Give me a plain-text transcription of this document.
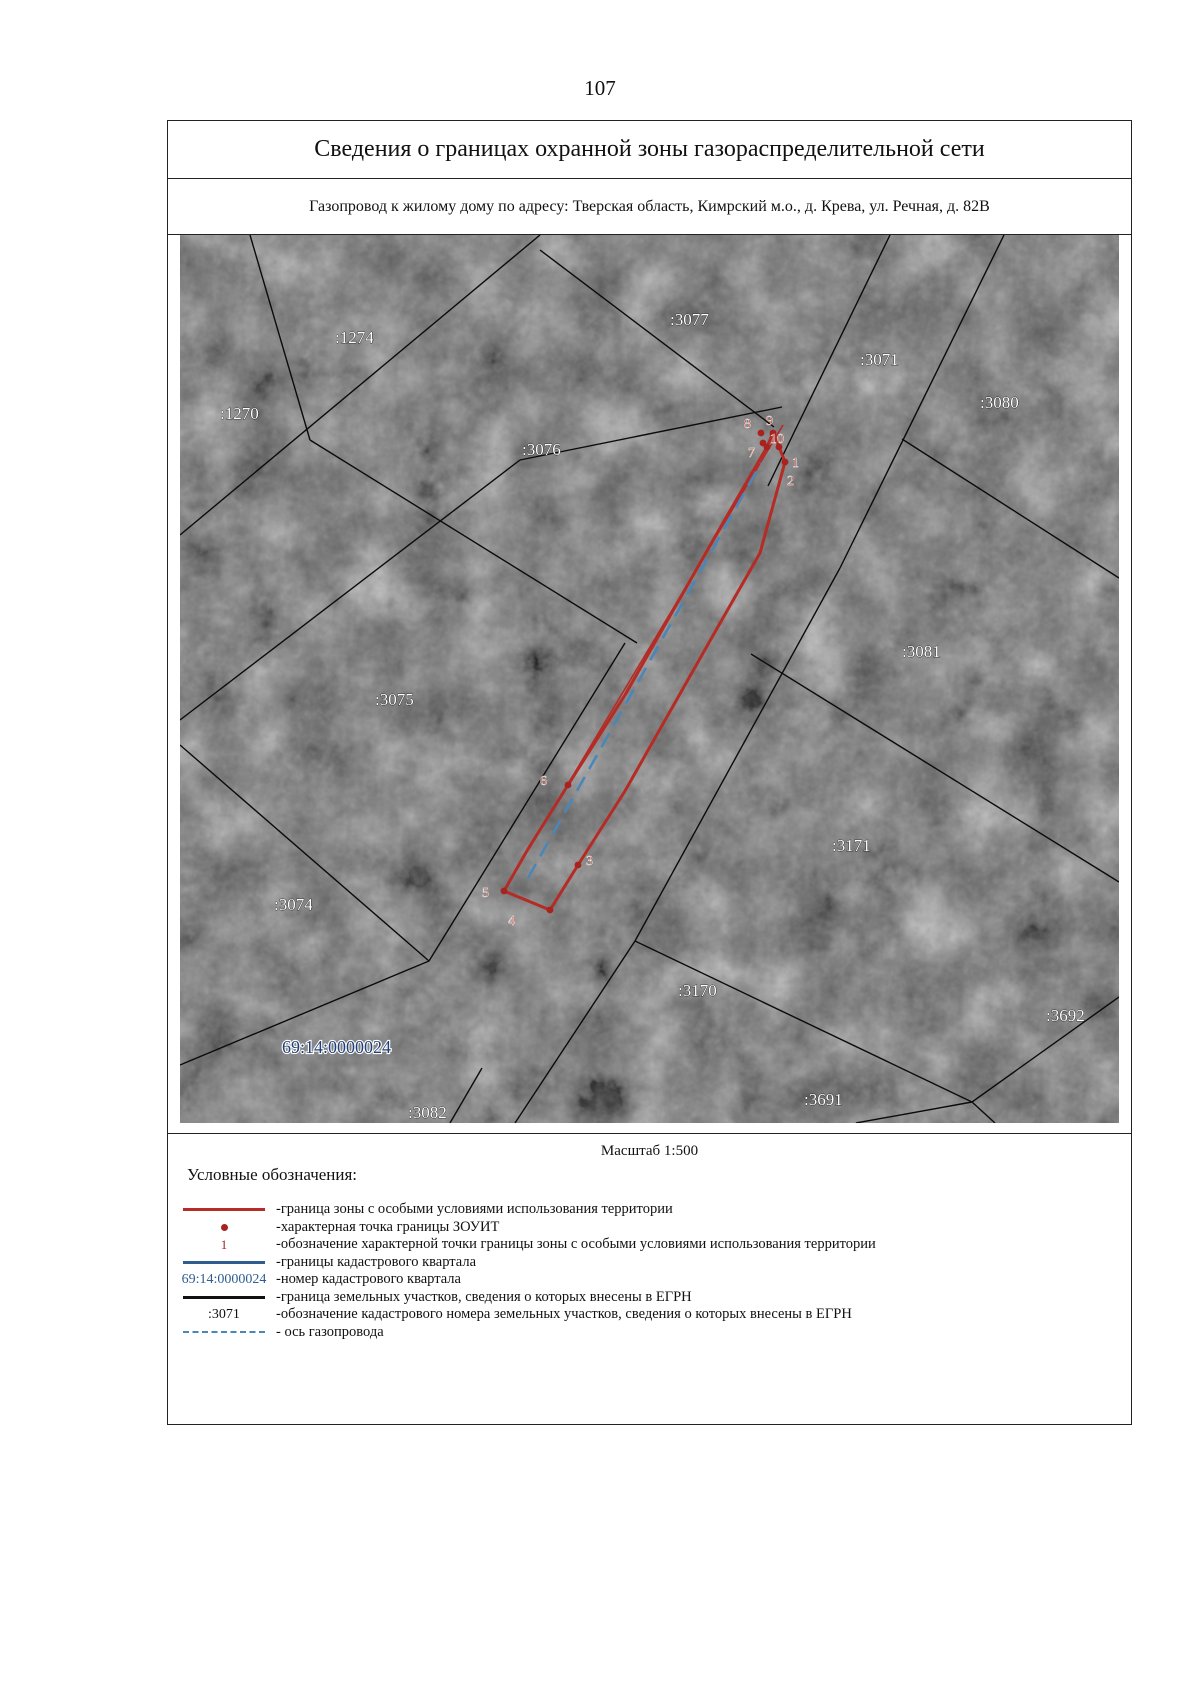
107
Сведения о границах охранной зоны газораспределительной сети
Газопровод к жилому дому по адресу: Тверская область, Кимрский м.о., д. Крева, ул. Речная, д. 82В
1
2
3
4
5
6
7
8 9
10
:1274
:1270
:3077
:3071
:3080
:3076
:3081
:3075
:3171
:3074
:3170
:3692
:3691
:3082
69:14:0000024
Масштаб 1:500
Условные обозначения:
-граница зоны с особыми условиями использования территории
-характерная точка границы ЗОУИТ
1	-обозначение характерной точки границы зоны с особыми условиями использования территории
-границы кадастрового квартала
69:14:0000024 -номер кадастрового квартала
-граница земельных участков, сведения о которых внесены в ЕГРН
:3071 -обозначение кадастрового номера земельных участков, сведения о которых внесены в ЕГРН
- ось газопровода
